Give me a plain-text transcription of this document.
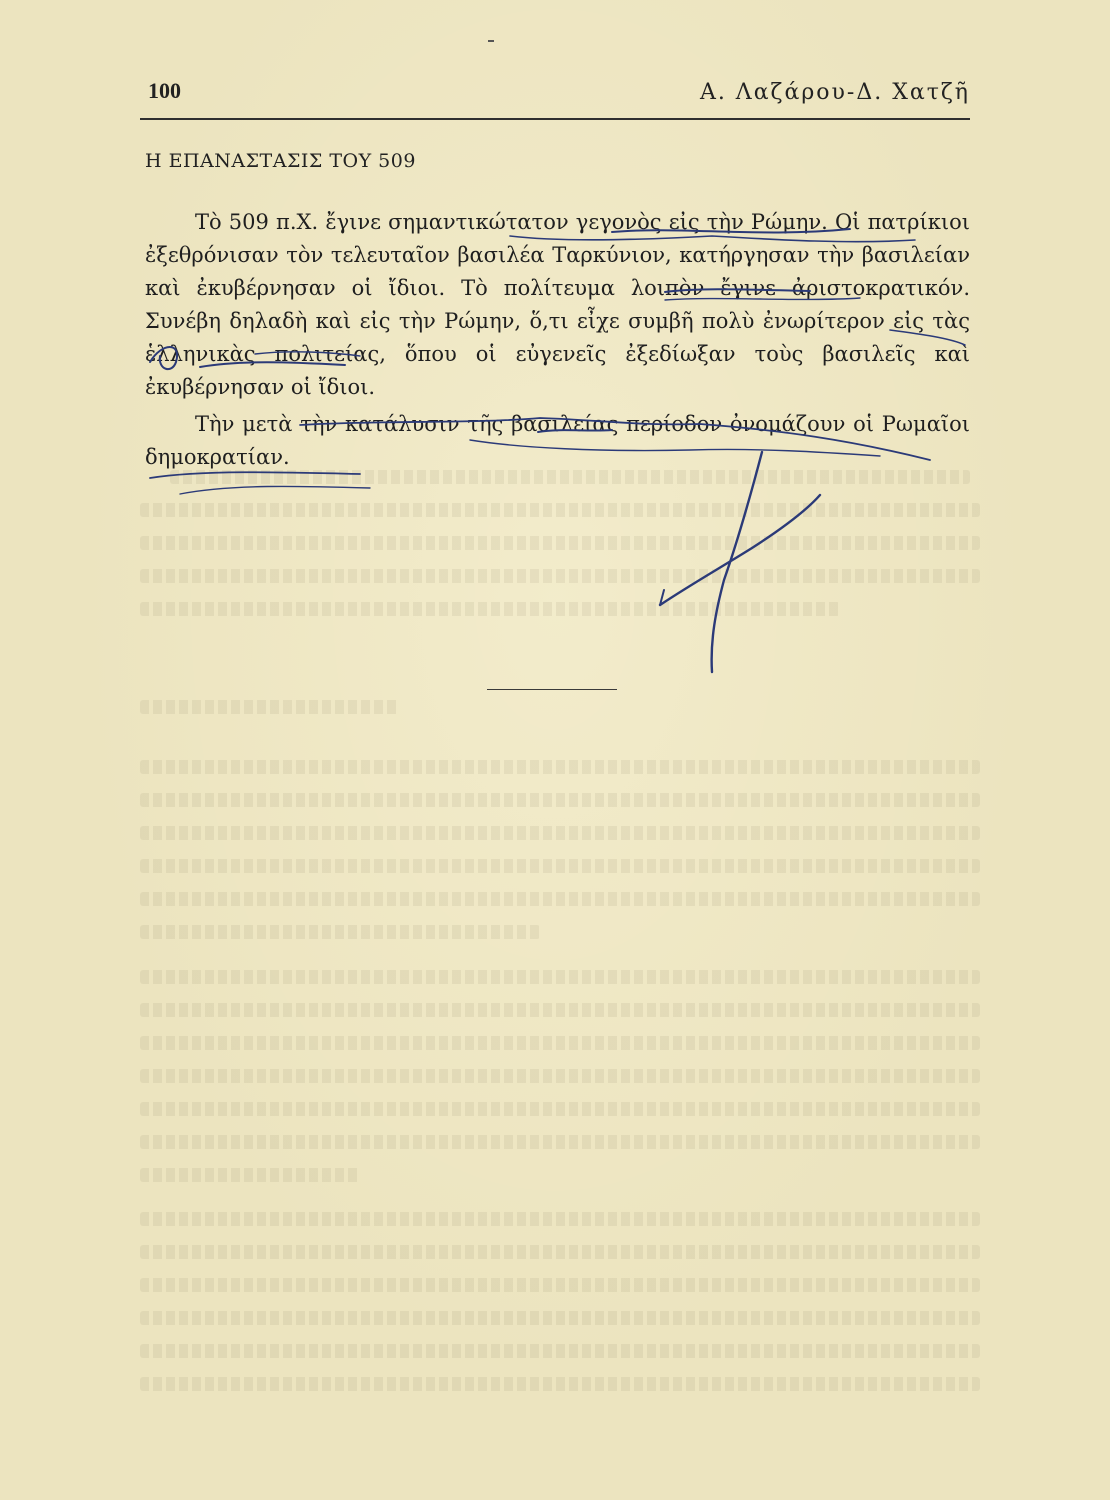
100	Α. Λαζάρου-Δ. Χατζῆ
Η ΕΠΑΝΑΣΤΑΣΙΣ ΤΟΥ 509

Τὸ 509 π.Χ. ἔγινε σημαντικώτατον γεγονὸς εἰς τὴν Ρώμην. Οἱ πατρίκιοι ἐξεθρόνισαν τὸν τελευταῖον βασιλέα Ταρκύνιον, κατήργησαν τὴν βασιλείαν καὶ ἐκυβέρνησαν οἱ ἴδιοι. Τὸ πολίτευμα λοιπὸν ἔγινε ἀριστοκρατικόν. Συνέβη δηλαδὴ καὶ εἰς τὴν Ρώμην, ὅ,τι εἶχε συμβῆ πολὺ ἐνωρίτερον εἰς τὰς ἑλληνικὰς πολιτείας, ὅπου οἱ εὐγενεῖς ἐξεδίωξαν τοὺς βασιλεῖς καὶ ἐκυβέρνησαν οἱ ἴδιοι.

Τὴν μετὰ τὴν κατάλυσιν τῆς βασιλείας περίοδον ὀνομάζουν οἱ Ρωμαῖοι δημοκρατίαν.
